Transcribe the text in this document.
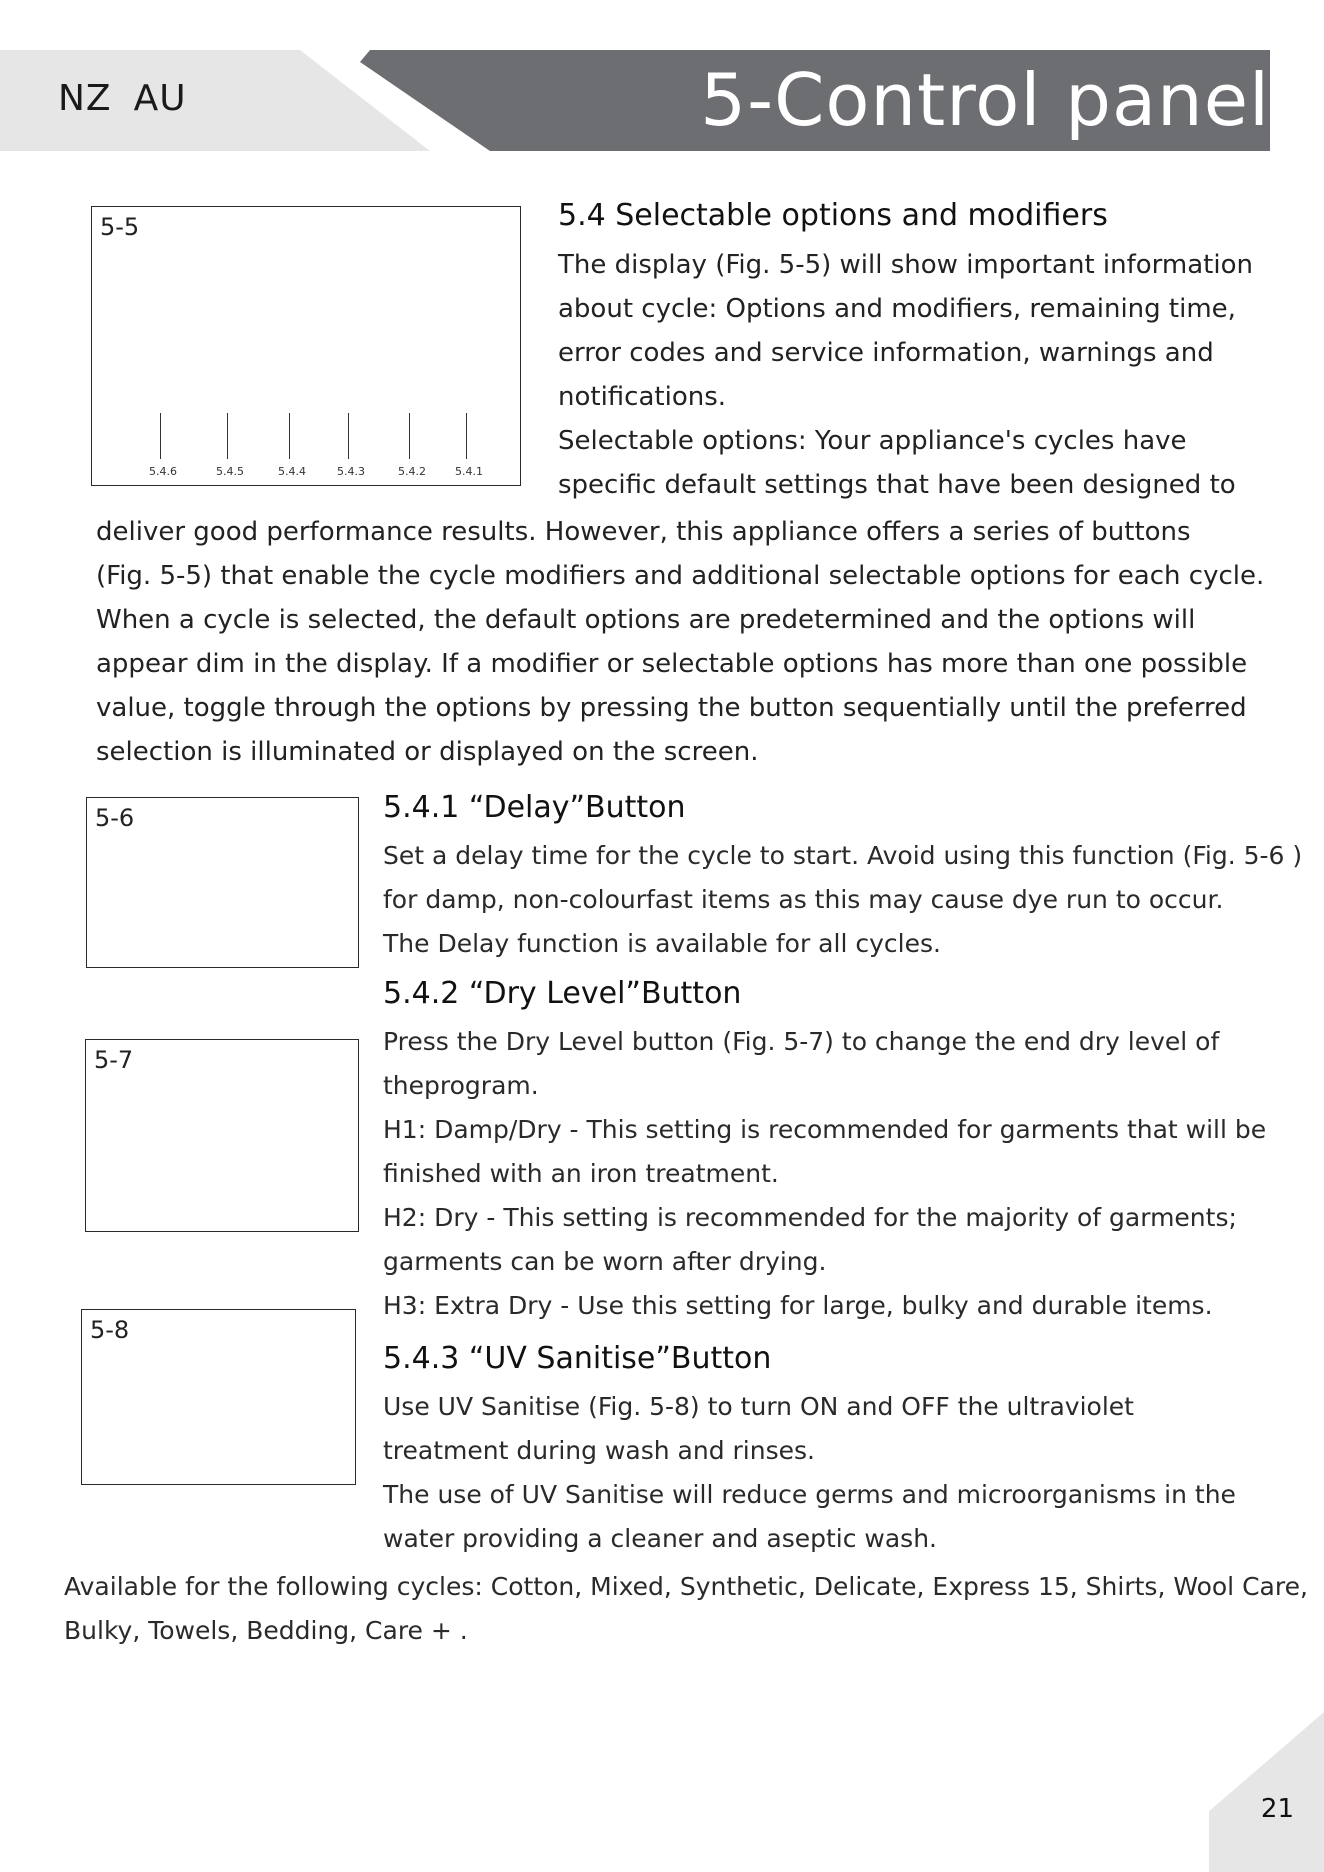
NZ AU	5-Control panel
5-5
5.4.6	5.4.5	5.4.4	5.4.3	5.4.2	5.4.1
5.4 Selectable options and modifiers
The display (Fig. 5-5) will show important information
about cycle: Options and modifiers, remaining time,
error codes and service information, warnings and
notifications.
Selectable options: Your appliance's cycles have
specific default settings that have been designed to
deliver good performance results. However, this appliance offers a series of buttons
(Fig. 5-5) that enable the cycle modifiers and additional selectable options for each cycle.
When a cycle is selected, the default options are predetermined and the options will
appear dim in the display. If a modifier or selectable options has more than one possible
value, toggle through the options by pressing the button sequentially until the preferred
selection is illuminated or displayed on the screen.
5-6	5.4.1 “Delay”Button
Set a delay time for the cycle to start. Avoid using this function (Fig. 5-6 )
for damp, non-colourfast items as this may cause dye run to occur.
The Delay function is available for all cycles.
5-7
5.4.2 “Dry Level”Button
Press the Dry Level button (Fig. 5-7) to change the end dry level of
theprogram.
H1: Damp/Dry - This setting is recommended for garments that will be
finished with an iron treatment.
H2: Dry - This setting is recommended for the majority of garments;
garments can be worn after drying.
H3: Extra Dry - Use this setting for large, bulky and durable items.
5-8
5.4.3 “UV Sanitise”Button
Use UV Sanitise (Fig. 5-8) to turn ON and OFF the ultraviolet
treatment during wash and rinses.
The use of UV Sanitise will reduce germs and microorganisms in the
water providing a cleaner and aseptic wash.
Available for the following cycles: Cotton, Mixed, Synthetic, Delicate, Express 15, Shirts, Wool Care,
Bulky, Towels, Bedding, Care + .
21
